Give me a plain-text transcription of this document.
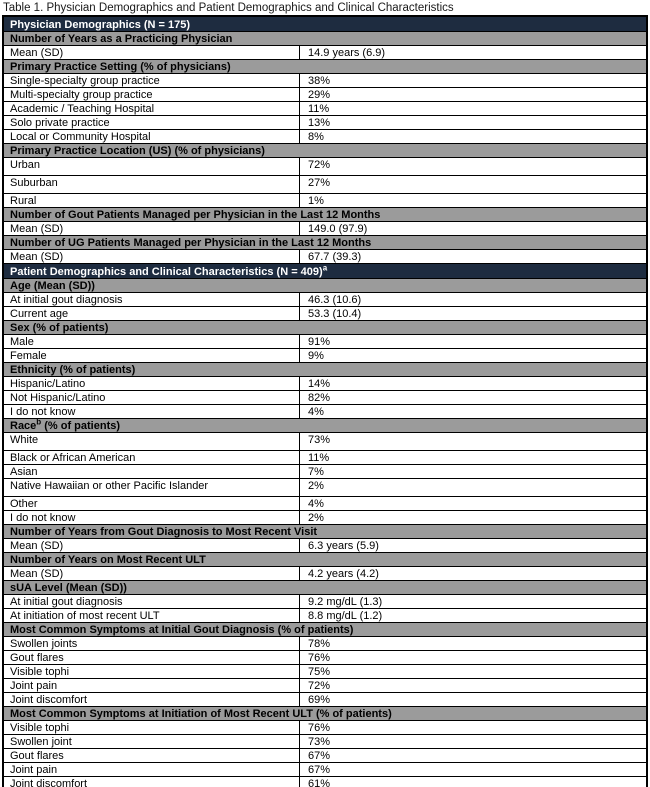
Table 1. Physician Demographics and Patient Demographics and Clinical Characteristics
Physician Demographics (N = 175)
Number of Years as a Practicing Physician
Mean (SD)	14.9 years (6.9)
Primary Practice Setting (% of physicians)
Single-specialty group practice	38%
Multi-specialty group practice	29%
Academic / Teaching Hospital	11%
Solo private practice	13%
Local or Community Hospital	8%
Primary Practice Location (US) (% of physicians)
Urban	72%
Suburban	27%
Rural	1%
Number of Gout Patients Managed per Physician in the Last 12 Months
Mean (SD)	149.0 (97.9)
Number of UG Patients Managed per Physician in the Last 12 Months
Mean (SD)	67.7 (39.3)
Patient Demographics and Clinical Characteristics (N = 409)$^a$
Age (Mean (SD))
At initial gout diagnosis	46.3 (10.6)
Current age	53.3 (10.4)
Sex (% of patients)
Male	91%
Female	9%
Ethnicity (% of patients)
Hispanic/Latino	14%
Not Hispanic/Latino	82%
I do not know	4%
Race$^b$ (% of patients)
White	73%
Black or African American	11%
Asian	7%
Native Hawaiian or other Pacific Islander	2%
Other	4%
I do not know	2%
Number of Years from Gout Diagnosis to Most Recent Visit
Mean (SD)	6.3 years (5.9)
Number of Years on Most Recent ULT
Mean (SD)	4.2 years (4.2)
sUA Level (Mean (SD))
At initial gout diagnosis	9.2 mg/dL (1.3)
At initiation of most recent ULT	8.8 mg/dL (1.2)
Most Common Symptoms at Initial Gout Diagnosis (% of patients)
Swollen joints	78%
Gout flares	76%
Visible tophi	75%
Joint pain	72%
Joint discomfort	69%
Most Common Symptoms at Initiation of Most Recent ULT (% of patients)
Visible tophi	76%
Swollen joint	73%
Gout flares	67%
Joint pain	67%
Joint discomfort	61%
